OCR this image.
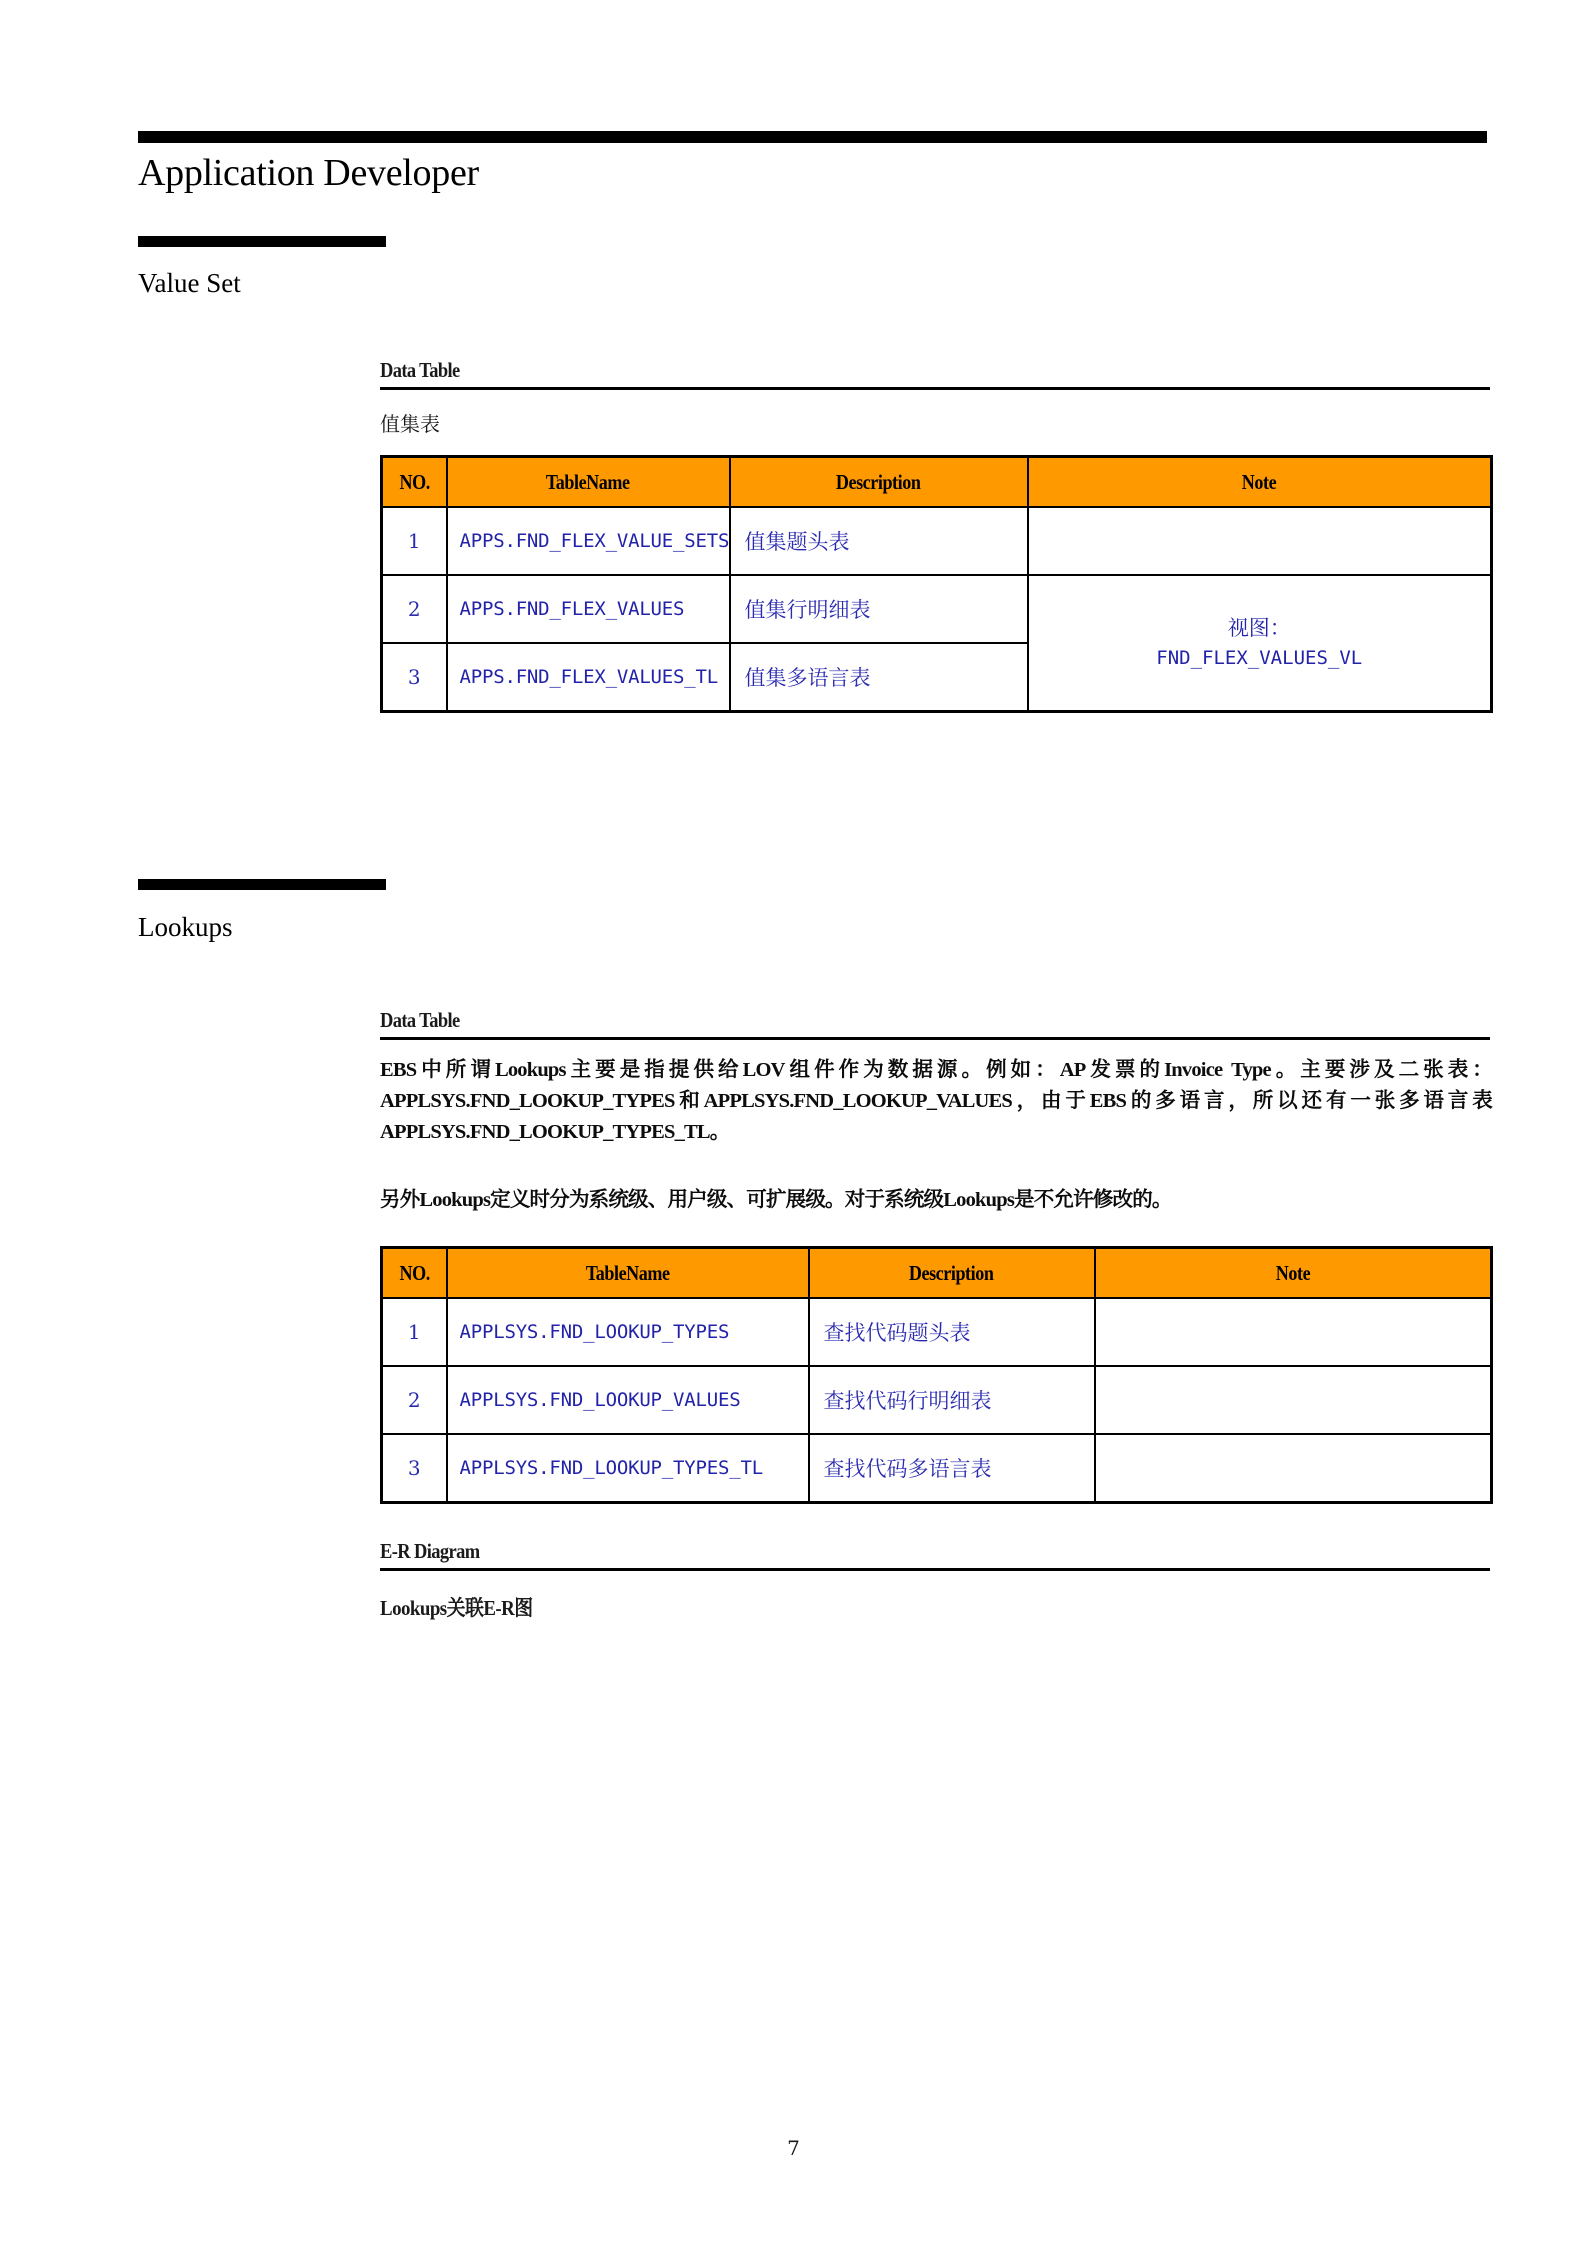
Application Developer
Value Set
Data Table
值集表
NO.	TableName	Description	Note
1	APPS.FND_FLEX_VALUE_SETS	值集题头表	
2	APPS.FND_FLEX_VALUES	值集行明细表	视图：
FND_FLEX_VALUES_VL

3	APPS.FND_FLEX_VALUES_TL	值集多语言表	
Lookups
Data Table
EBS中所谓Lookups主要是指提供给LOV组件作为数据源。例如：AP发票的Invoice Type。主要涉及二张表：APPLSYS.FND_LOOKUP_TYPES和APPLSYS.FND_LOOKUP_VALUES，由于EBS的多语言，所以还有一张多语言表APPLSYS.FND_LOOKUP_TYPES_TL。
另外Lookups定义时分为系统级、用户级、可扩展级。对于系统级Lookups是不允许修改的。
NO.	TableName	Description	Note
1	APPLSYS.FND_LOOKUP_TYPES	查找代码题头表	
2	APPLSYS.FND_LOOKUP_VALUES	查找代码行明细表	
3	APPLSYS.FND_LOOKUP_TYPES_TL	查找代码多语言表	
E-R Diagram
Lookups关联E-R图
7
